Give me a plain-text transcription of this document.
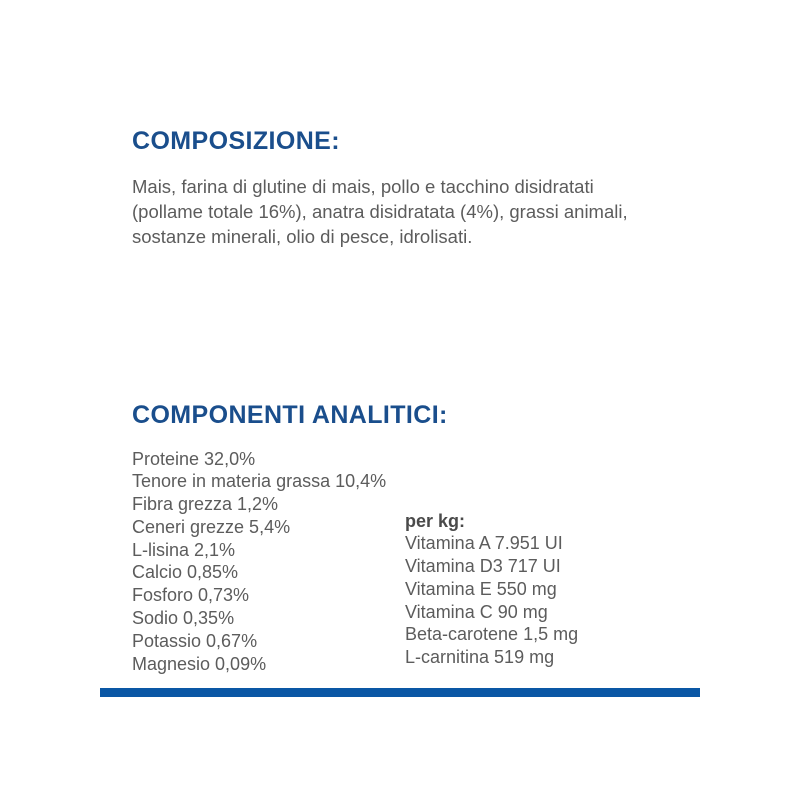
COMPOSIZIONE:

Mais, farina di glutine di mais, pollo e tacchino disidratati (pollame totale 16%), anatra disidratata (4%), grassi animali, sostanze minerali, olio di pesce, idrolisati.

COMPONENTI ANALITICI:
Proteine 32,0%
Tenore in materia grassa 10,4%
Fibra grezza 1,2%
Ceneri grezze 5,4%
L-lisina 2,1%
Calcio 0,85%
Fosforo 0,73%
Sodio 0,35%
Potassio 0,67%
Magnesio 0,09%
per kg:
Vitamina A 7.951 UI
Vitamina D3 717 UI
Vitamina E 550 mg
Vitamina C 90 mg
Beta-carotene 1,5 mg
L-carnitina 519 mg
